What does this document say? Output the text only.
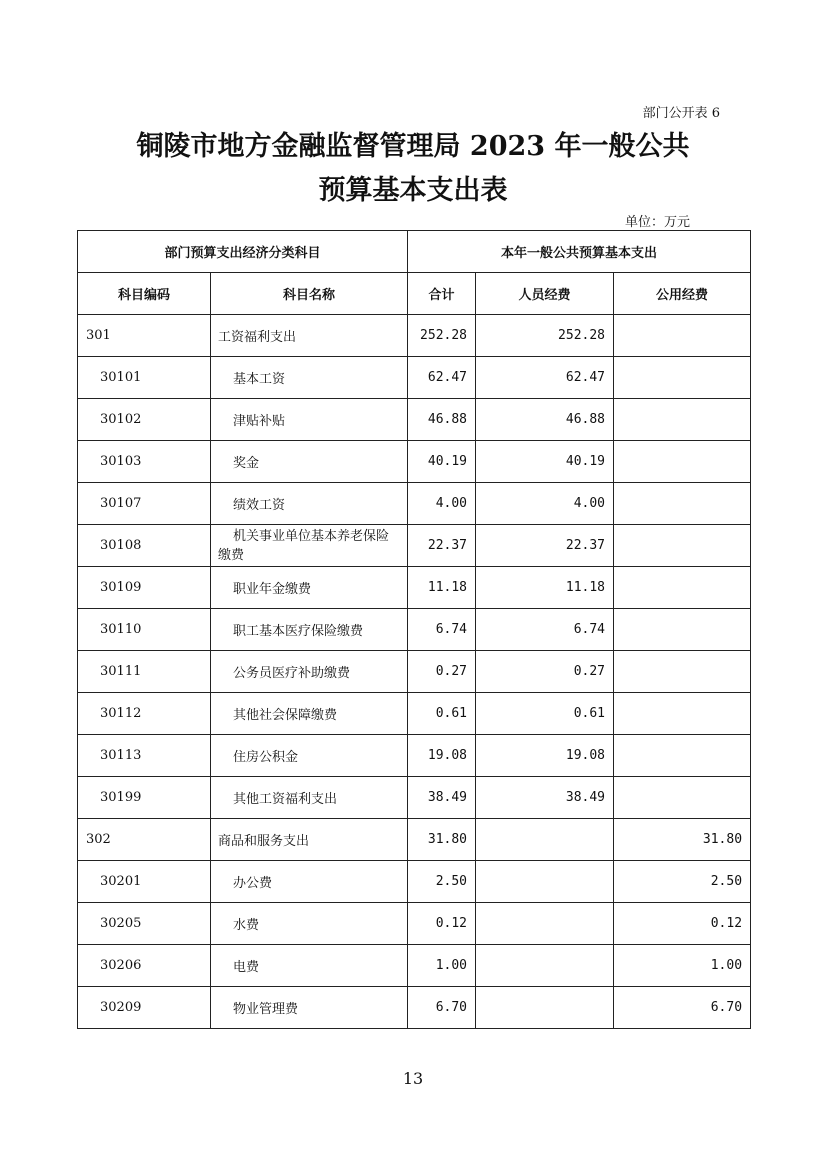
部门公开表 6
铜陵市地方金融监督管理局 2023 年一般公共
预算基本支出表
单位：万元
部门预算支出经济分类科目		本年一般公共预算基本支出		
科目编码	科目名称	合计	人员经费	公用经费
301	工资福利支出	252.28	252.28	
30101	基本工资	62.47	62.47	
30102	津贴补贴	46.88	46.88	
30103	奖金	40.19	40.19	
30107	绩效工资	4.00	4.00	
30108	机关事业单位基本养老保险缴费	22.37	22.37	
30109	职业年金缴费	11.18	11.18	
30110	职工基本医疗保险缴费	6.74	6.74	
30111	公务员医疗补助缴费	0.27	0.27	
30112	其他社会保障缴费	0.61	0.61	
30113	住房公积金	19.08	19.08	
30199	其他工资福利支出	38.49	38.49	
302	商品和服务支出	31.80		31.80
30201	办公费	2.50		2.50
30205	水费	0.12		0.12
30206	电费	1.00		1.00
30209	物业管理费	6.70		6.70
13
